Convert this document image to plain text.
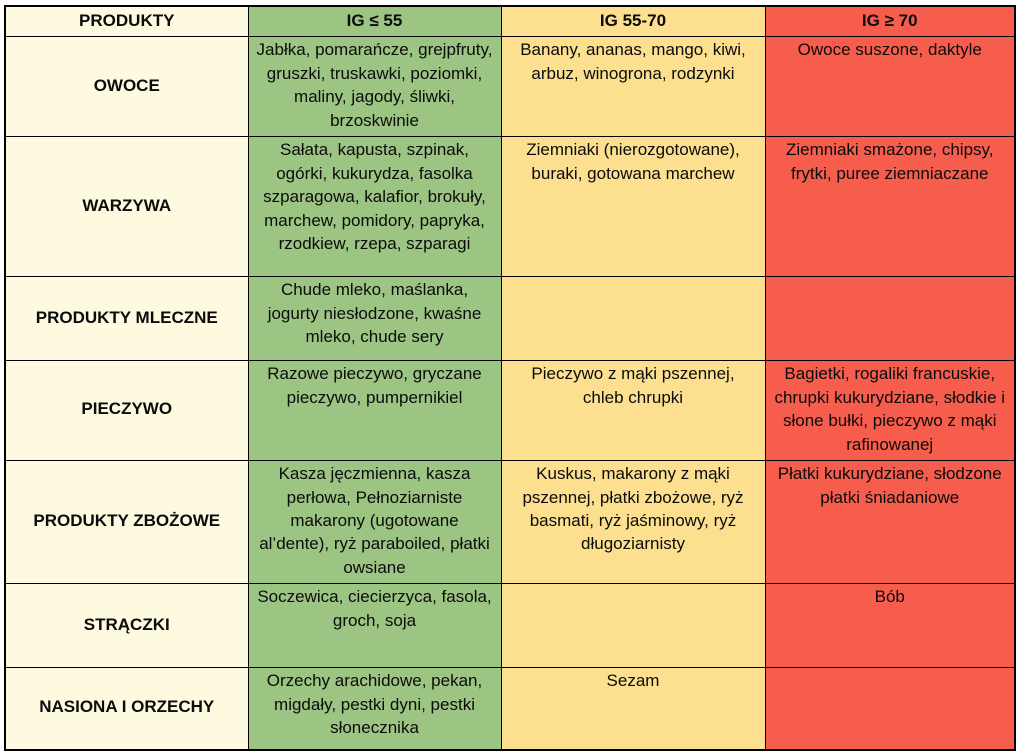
PRODUKTY	IG ≤ 55	IG 55-70	IG ≥ 70
OWOCE	Jabłka, pomarańcze, grejpfruty, gruszki, truskawki, poziomki, maliny, jagody, śliwki, brzoskwinie	Banany, ananas, mango, kiwi, arbuz, winogrona, rodzynki	Owoce suszone, daktyle
WARZYWA	Sałata, kapusta, szpinak, ogórki, kukurydza, fasolka szparagowa, kalafior, brokuły, marchew, pomidory, papryka, rzodkiew, rzepa, szparagi	Ziemniaki (nierozgotowane), buraki, gotowana marchew	Ziemniaki smażone, chipsy, frytki, puree ziemniaczane
PRODUKTY MLECZNE	Chude mleko, maślanka, jogurty niesłodzone, kwaśne mleko, chude sery		
PIECZYWO	Razowe pieczywo, gryczane pieczywo, pumpernikiel	Pieczywo z mąki pszennej, chleb chrupki	Bagietki, rogaliki francuskie, chrupki kukurydziane, słodkie i słone bułki, pieczywo z mąki rafinowanej
PRODUKTY ZBOŻOWE	Kasza jęczmienna, kasza perłowa, Pełnoziarniste makarony (ugotowane al’dente), ryż paraboiled, płatki owsiane	Kuskus, makarony z mąki pszennej, płatki zbożowe, ryż basmati, ryż jaśminowy, ryż długoziarnisty	Płatki kukurydziane, słodzone płatki śniadaniowe
STRĄCZKI	Soczewica, ciecierzyca, fasola, groch, soja		Bób
NASIONA I ORZECHY	Orzechy arachidowe, pekan, migdały, pestki dyni, pestki słonecznika	Sezam	
